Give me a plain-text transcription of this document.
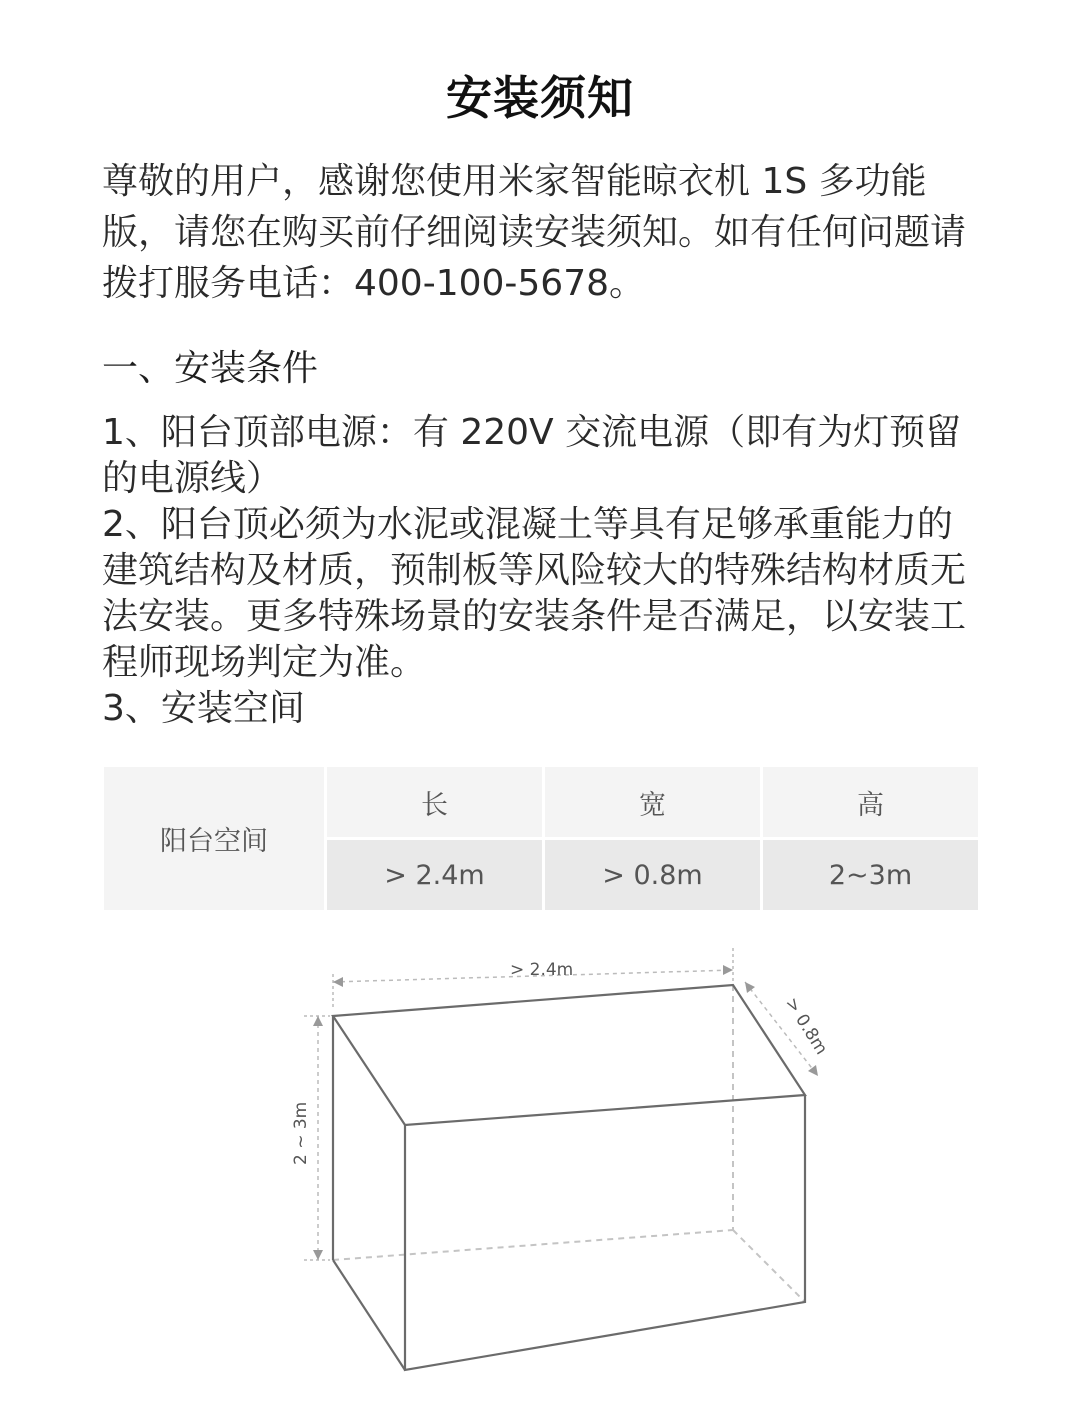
安装须知
尊敬的用户，感谢您使用米家智能晾衣机 1S 多功能版，请您在购买前仔细阅读安装须知。如有任何问题请拨打服务电话：400-100-5678。
一、安装条件

1、阳台顶部电源：有 220V 交流电源（即有为灯预留的电源线）

2、阳台顶必须为水泥或混凝土等具有足够承重能力的建筑结构及材质，预制板等风险较大的特殊结构材质无法安装。更多特殊场景的安装条件是否满足，以安装工程师现场判定为准。

3、安装空间

阳台空间	长	宽	高
	> 2.4m	> 0.8m	2~3m
> 2.4m
> 0.8m
2 ~ 3m
